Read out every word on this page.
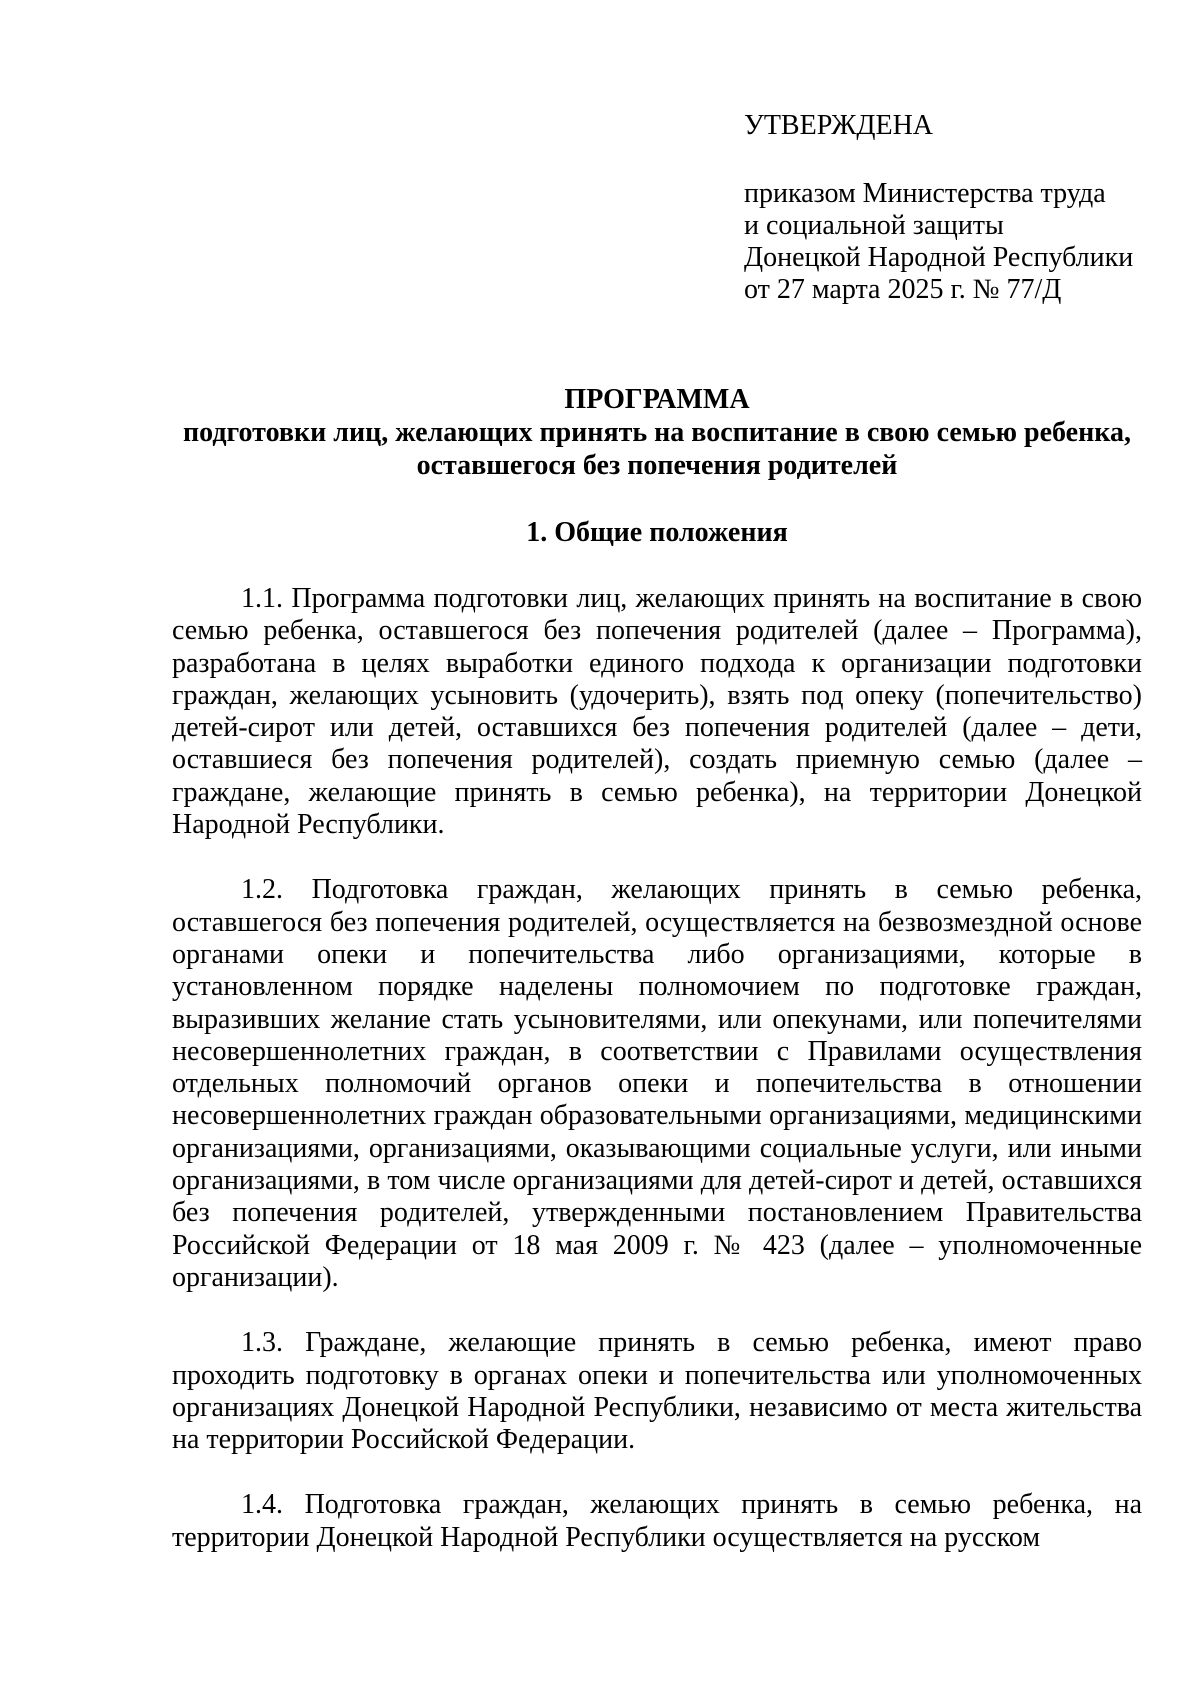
УТВЕРЖДЕНА
приказом Министерства труда
и социальной защиты
Донецкой Народной Республики
от 27 марта 2025 г. № 77/Д
ПРОГРАММА
подготовки лиц, желающих принять на воспитание в свою семью ребенка,
оставшегося без попечения родителей
1. Общие положения

1.1. Программа подготовки лиц, желающих принять на воспитание в свою семью ребенка, оставшегося без попечения родителей (далее – Программа), разработана в целях выработки единого подхода к организации подготовки граждан, желающих усыновить (удочерить), взять под опеку (попечительство) детей-сирот или детей, оставшихся без попечения родителей (далее – дети, оставшиеся без попечения родителей), создать приемную семью (далее – граждане, желающие принять в семью ребенка), на территории Донецкой Народной Республики.

1.2. Подготовка граждан, желающих принять в семью ребенка, оставшегося без попечения родителей, осуществляется на безвозмездной основе органами опеки и попечительства либо организациями, которые в установленном порядке наделены полномочием по подготовке граждан, выразивших желание стать усыновителями, или опекунами, или попечителями несовершеннолетних граждан, в соответствии с Правилами осуществления отдельных полномочий органов опеки и попечительства в отношении несовершеннолетних граждан образовательными организациями, медицинскими организациями, организациями, оказывающими социальные услуги, или иными организациями, в том числе организациями для детей-сирот и детей, оставшихся без попечения родителей, утвержденными постановлением Правительства Российской Федерации от 18 мая 2009 г. № 423 (далее – уполномоченные организации).

1.3. Граждане, желающие принять в семью ребенка, имеют право проходить подготовку в органах опеки и попечительства или уполномоченных организациях Донецкой Народной Республики, независимо от места жительства на территории Российской Федерации.

1.4. Подготовка граждан, желающих принять в семью ребенка, на территории Донецкой Народной Республики осуществляется на русском
